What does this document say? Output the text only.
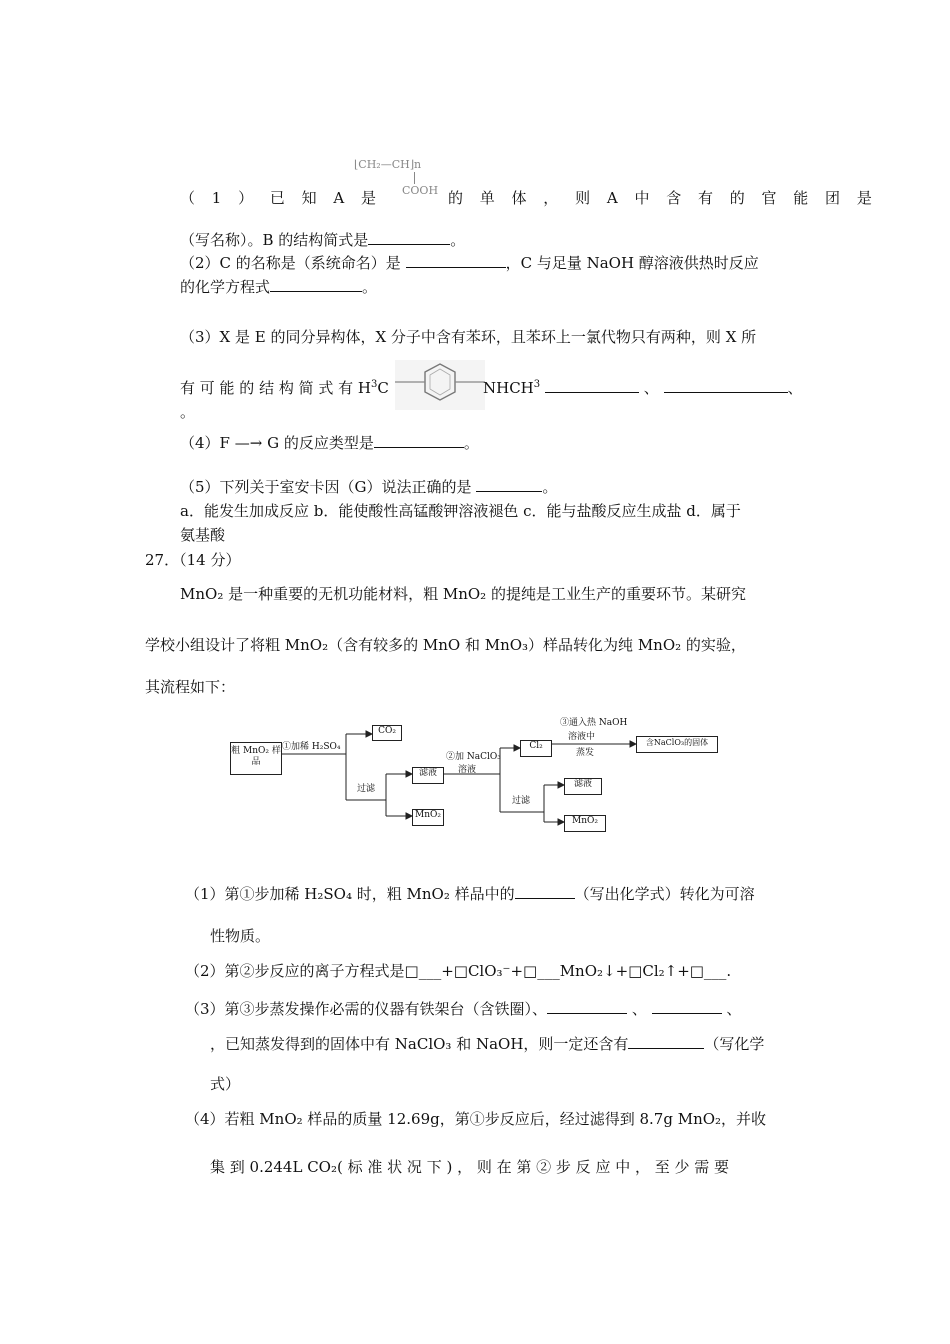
⌊CH₂—CH⌋n
COOH
（ 1 ） 已 知 A 是	的 单 体 ， 则 A 中 含 有 的 官 能 团 是
（写名称）。B 的结构简式是	。
（2）C 的名称是（系统命名）是	，C 与足量 NaOH 醇溶液供热时反应
的化学方程式	。
（3）X 是 E 的同分异构体，X 分子中含有苯环，且苯环上一氯代物只有两种，则 X 所
有 可 能 的 结 构 简 式 有 $H^3C$	NHCH$^3$	、	、
。
（4）F —→ G 的反应类型是	。
（5）下列关于室安卡因（G）说法正确的是	。
a．能发生加成反应 b．能使酸性高锰酸钾溶液褪色 c．能与盐酸反应生成盐 d．属于
氨基酸
27．（14 分）
MnO₂ 是一种重要的无机功能材料，粗 MnO₂ 的提纯是工业生产的重要环节。某研究
学校小组设计了将粗 MnO₂（含有较多的 MnO 和 MnO₃）样品转化为纯 MnO₂ 的实验，
其流程如下：
粗 MnO₂ 样品
①加稀 H₂SO₄
CO₂
过滤
滤液
MnO₂
②加 NaClO₃
溶液
Cl₂
③通入热 NaOH
溶液中
蒸发
含NaClO₃的固体
过滤
滤液
MnO₂
（1）第①步加稀 H₂SO₄ 时，粗 MnO₂ 样品中的	（写出化学式）转化为可溶
性物质。
（2）第②步反应的离子方程式是□___+□ClO₃⁻+□___MnO₂↓+□Cl₂↑+□___.
（3）第③步蒸发操作必需的仪器有铁架台（含铁圈）、	、	、
，已知蒸发得到的固体中有 NaClO₃ 和 NaOH，则一定还含有	（写化学
式）
（4）若粗 MnO₂ 样品的质量 12.69g，第①步反应后，经过滤得到 8.7g MnO₂，并收
集 到 0.244L CO₂( 标 准 状 况 下 ) ， 则 在 第 ② 步 反 应 中 ， 至 少 需 要
